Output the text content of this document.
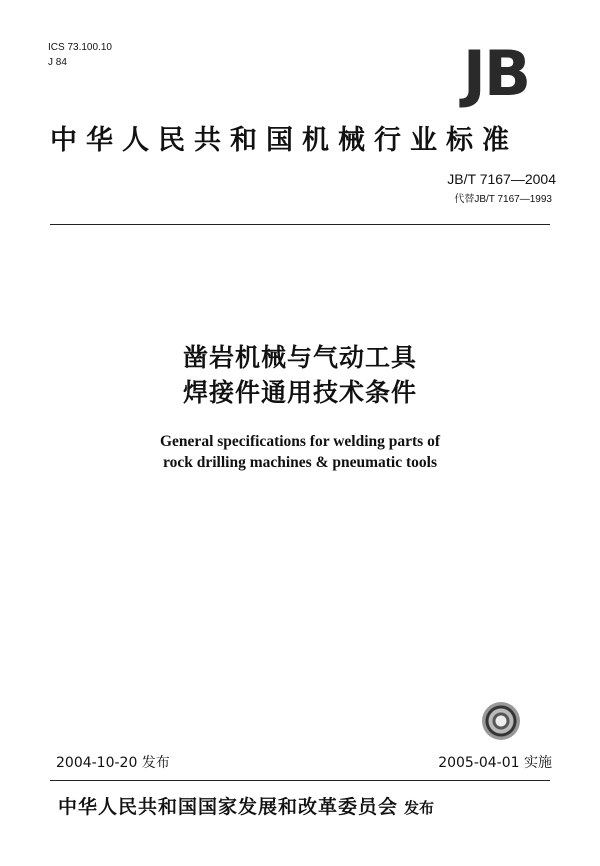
ICS 73.100.10
J 84	JB
中华人民共和国机械行业标准
JB/T 7167—2004
代替JB/T 7167—1993
凿岩机械与气动工具
焊接件通用技术条件
General specifications for welding parts of
rock drilling machines & pneumatic tools
2004-10-20 发布	2005-04-01 实施
中华人民共和国国家发展和改革委员会 发布
